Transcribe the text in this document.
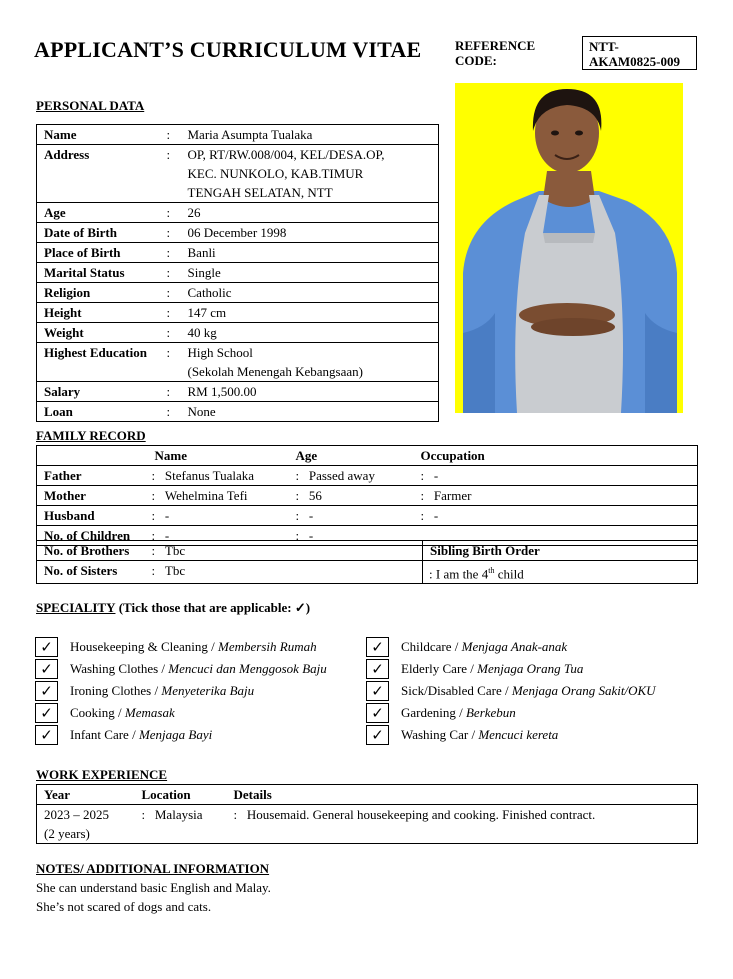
APPLICANT’S CURRICULUM VITAE	REFERENCE
CODE:
NTT-
AKAM0825-009
PERSONAL DATA
Name	:	Maria Asumpta Tualaka

Address	:	OP, RT/RW.008/004, KEL/DESA.OP,
KEC. NUNKOLO, KAB.TIMUR
TENGAH SELATAN, NTT

Age	:	26

Date of Birth	:	06 December 1998

Place of Birth	:	Banli

Marital Status	:	Single

Religion	:	Catholic

Height	:	147 cm

Weight	:	40 kg

Highest Education	:	High School
(Sekolah Menengah Kebangsaan)

Salary	:	RM 1,500.00

Loan	:	None
FAMILY RECORD
	Name	Age	Occupation
Father	:   Stefanus Tualaka	:   Passed away	:   -
Mother	:   Wehelmina Tefi	:   56	:   Farmer
Husband	:   -	:   -	:   -
No. of Children	:   -	:   -	
No. of Brothers	: Tbc	Sibling Birth Order
No. of Sisters	: Tbc	: I am the 4th child
SPECIALITY (Tick those that are applicable: ✓)
✓	Housekeeping & Cleaning / Membersih Rumah
✓	Washing Clothes / Mencuci dan Menggosok Baju
✓	Ironing Clothes / Menyeterika Baju
✓	Cooking / Memasak
✓	Infant Care / Menjaga Bayi
✓	Childcare / Menjaga Anak-anak
✓	Elderly Care / Menjaga Orang Tua
✓	Sick/Disabled Care / Menjaga Orang Sakit/OKU
✓	Gardening / Berkebun
✓	Washing Car / Mencuci kereta
WORK EXPERIENCE
Year	Location	Details

2023 – 2025
(2 years)	: Malaysia	: Housemaid. General housekeeping and cooking. Finished contract.
NOTES/ ADDITIONAL INFORMATION
She can understand basic English and Malay.
She’s not scared of dogs and cats.
